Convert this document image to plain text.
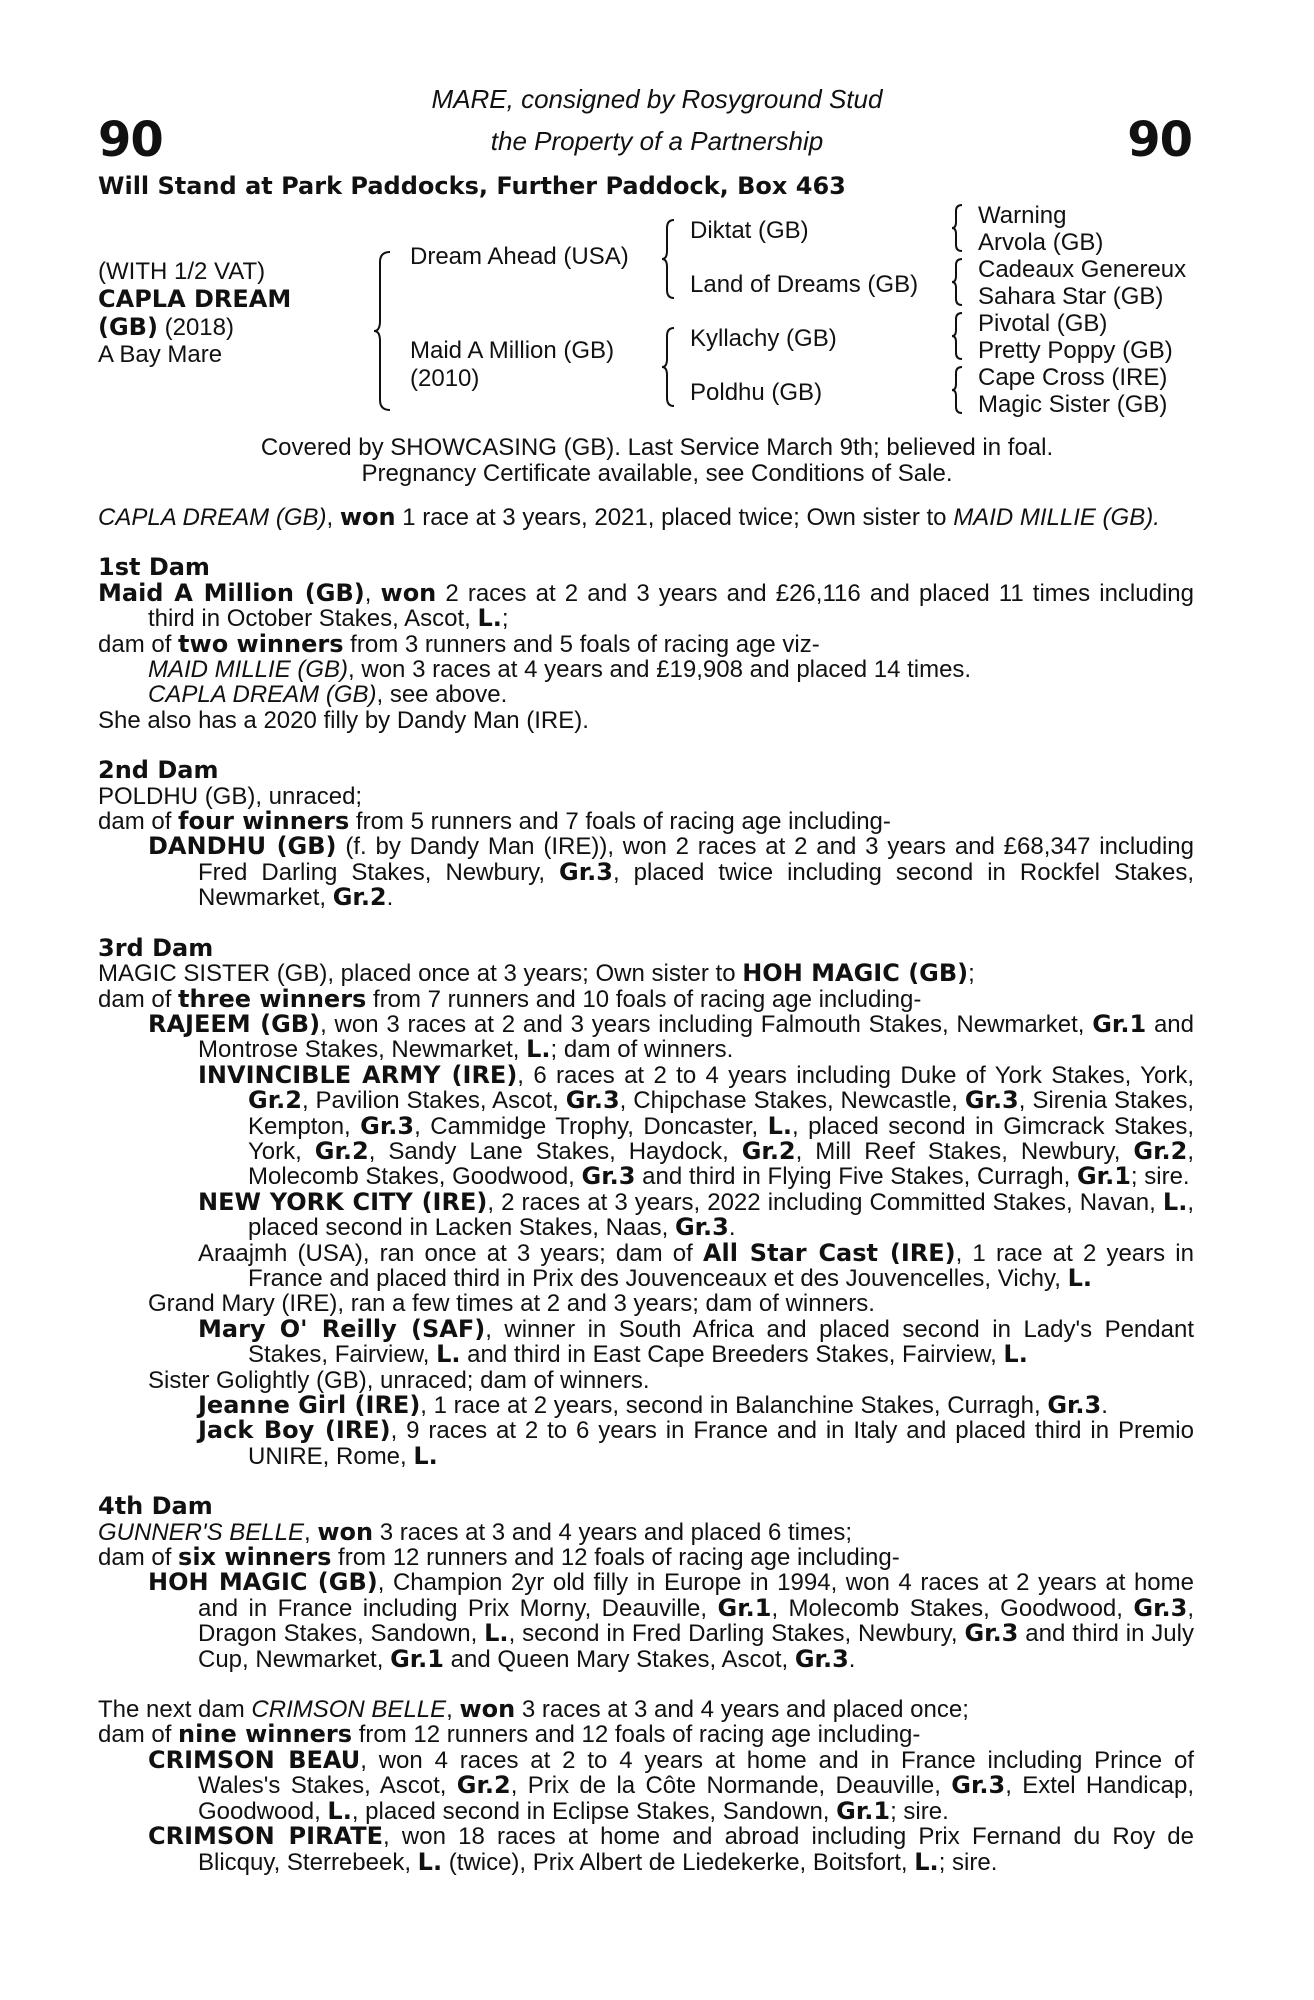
90	90
MARE, consigned by Rosyground Stud
the Property of a Partnership
Will Stand at Park Paddocks, Further Paddock, Box 463
(WITH 1/2 VAT)
CAPLA DREAM
(GB) (2018)
A Bay Mare
Dream Ahead (USA)
Maid A Million (GB)
(2010)
Diktat (GB)
Land of Dreams (GB)
Kyllachy (GB)
Poldhu (GB)
Warning
Arvola (GB)
Cadeaux Genereux
Sahara Star (GB)
Pivotal (GB)
Pretty Poppy (GB)
Cape Cross (IRE)
Magic Sister (GB)
Covered by SHOWCASING (GB). Last Service March 9th; believed in foal.
Pregnancy Certificate available, see Conditions of Sale.

CAPLA DREAM (GB), won 1 race at 3 years, 2021, placed twice; Own sister to MAID MILLIE (GB).

1st Dam

Maid A Million (GB), won 2 races at 2 and 3 years and £26,116 and placed 11 times including third in October Stakes, Ascot, L.;

dam of two winners from 3 runners and 5 foals of racing age viz-

MAID MILLIE (GB), won 3 races at 4 years and £19,908 and placed 14 times.

CAPLA DREAM (GB), see above.

She also has a 2020 filly by Dandy Man (IRE).

2nd Dam

POLDHU (GB), unraced;

dam of four winners from 5 runners and 7 foals of racing age including-

DANDHU (GB) (f. by Dandy Man (IRE)), won 2 races at 2 and 3 years and £68,347 including Fred Darling Stakes, Newbury, Gr.3, placed twice including second in Rockfel Stakes, Newmarket, Gr.2.

3rd Dam

MAGIC SISTER (GB), placed once at 3 years; Own sister to HOH MAGIC (GB);

dam of three winners from 7 runners and 10 foals of racing age including-

RAJEEM (GB), won 3 races at 2 and 3 years including Falmouth Stakes, Newmarket, Gr.1 and Montrose Stakes, Newmarket, L.; dam of winners.

INVINCIBLE ARMY (IRE), 6 races at 2 to 4 years including Duke of York Stakes, York, Gr.2, Pavilion Stakes, Ascot, Gr.3, Chipchase Stakes, Newcastle, Gr.3, Sirenia Stakes, Kempton, Gr.3, Cammidge Trophy, Doncaster, L., placed second in Gimcrack Stakes, York, Gr.2, Sandy Lane Stakes, Haydock, Gr.2, Mill Reef Stakes, Newbury, Gr.2, Molecomb Stakes, Goodwood, Gr.3 and third in Flying Five Stakes, Curragh, Gr.1; sire.

NEW YORK CITY (IRE), 2 races at 3 years, 2022 including Committed Stakes, Navan, L., placed second in Lacken Stakes, Naas, Gr.3.

Araajmh (USA), ran once at 3 years; dam of All Star Cast (IRE), 1 race at 2 years in France and placed third in Prix des Jouvenceaux et des Jouvencelles, Vichy, L.

Grand Mary (IRE), ran a few times at 2 and 3 years; dam of winners.

Mary O' Reilly (SAF), winner in South Africa and placed second in Lady's Pendant Stakes, Fairview, L. and third in East Cape Breeders Stakes, Fairview, L.

Sister Golightly (GB), unraced; dam of winners.

Jeanne Girl (IRE), 1 race at 2 years, second in Balanchine Stakes, Curragh, Gr.3.

Jack Boy (IRE), 9 races at 2 to 6 years in France and in Italy and placed third in Premio UNIRE, Rome, L.

4th Dam

GUNNER'S BELLE, won 3 races at 3 and 4 years and placed 6 times;

dam of six winners from 12 runners and 12 foals of racing age including-

HOH MAGIC (GB), Champion 2yr old filly in Europe in 1994, won 4 races at 2 years at home and in France including Prix Morny, Deauville, Gr.1, Molecomb Stakes, Goodwood, Gr.3, Dragon Stakes, Sandown, L., second in Fred Darling Stakes, Newbury, Gr.3 and third in July Cup, Newmarket, Gr.1 and Queen Mary Stakes, Ascot, Gr.3.

The next dam CRIMSON BELLE, won 3 races at 3 and 4 years and placed once;

dam of nine winners from 12 runners and 12 foals of racing age including-

CRIMSON BEAU, won 4 races at 2 to 4 years at home and in France including Prince of Wales's Stakes, Ascot, Gr.2, Prix de la Côte Normande, Deauville, Gr.3, Extel Handicap, Goodwood, L., placed second in Eclipse Stakes, Sandown, Gr.1; sire.

CRIMSON PIRATE, won 18 races at home and abroad including Prix Fernand du Roy de Blicquy, Sterrebeek, L. (twice), Prix Albert de Liedekerke, Boitsfort, L.; sire.
